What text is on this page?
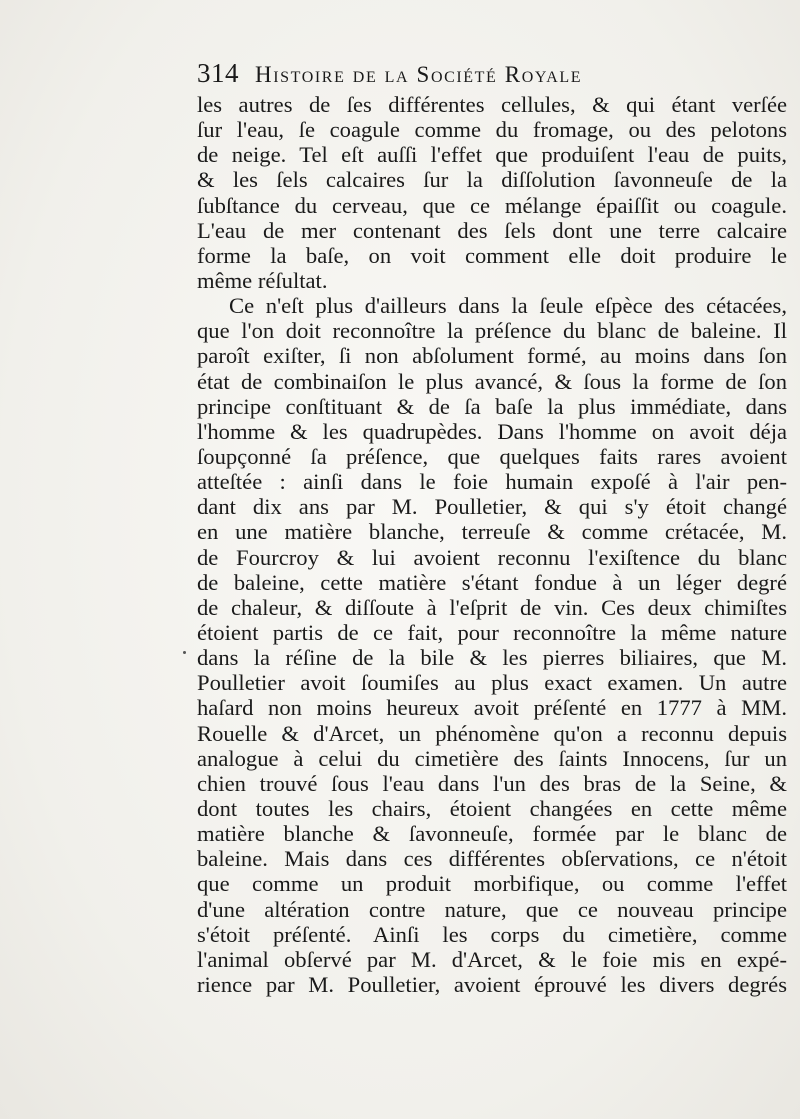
314 Histoire de la Société Royale
les autres de ſes différentes cellules, & qui étant verſée
ſur l'eau, ſe coagule comme du fromage, ou des pelotons
de neige. Tel eſt auſſi l'effet que produiſent l'eau de puits,
& les ſels calcaires ſur la diſſolution ſavonneuſe de la
ſubſtance du cerveau, que ce mélange épaiſſit ou coagule.
L'eau de mer contenant des ſels dont une terre calcaire
forme la baſe, on voit comment elle doit produire le
même réſultat.
Ce n'eſt plus d'ailleurs dans la ſeule eſpèce des cétacées,
que l'on doit reconnoître la préſence du blanc de baleine. Il
paroît exiſter, ſi non abſolument formé, au moins dans ſon
état de combinaiſon le plus avancé, & ſous la forme de ſon
principe conſtituant & de ſa baſe la plus immédiate, dans
l'homme & les quadrupèdes. Dans l'homme on avoit déja
ſoupçonné ſa préſence, que quelques faits rares avoient
atteſtée : ainſi dans le foie humain expoſé à l'air pen-
dant dix ans par M. Poulletier, & qui s'y étoit changé
en une matière blanche, terreuſe & comme crétacée, M.
de Fourcroy & lui avoient reconnu l'exiſtence du blanc
de baleine, cette matière s'étant fondue à un léger degré
de chaleur, & diſſoute à l'eſprit de vin. Ces deux chimiſtes
étoient partis de ce fait, pour reconnoître la même nature
dans la réſine de la bile & les pierres biliaires, que M.
Poulletier avoit ſoumiſes au plus exact examen. Un autre
haſard non moins heureux avoit préſenté en 1777 à MM.
Rouelle & d'Arcet, un phénomène qu'on a reconnu depuis
analogue à celui du cimetière des ſaints Innocens, ſur un
chien trouvé ſous l'eau dans l'un des bras de la Seine, &
dont toutes les chairs, étoient changées en cette même
matière blanche & ſavonneuſe, formée par le blanc de
baleine. Mais dans ces différentes obſervations, ce n'étoit
que comme un produit morbifique, ou comme l'effet
d'une altération contre nature, que ce nouveau principe
s'étoit préſenté. Ainſi les corps du cimetière, comme
l'animal obſervé par M. d'Arcet, & le foie mis en expé-
rience par M. Poulletier, avoient éprouvé les divers degrés
